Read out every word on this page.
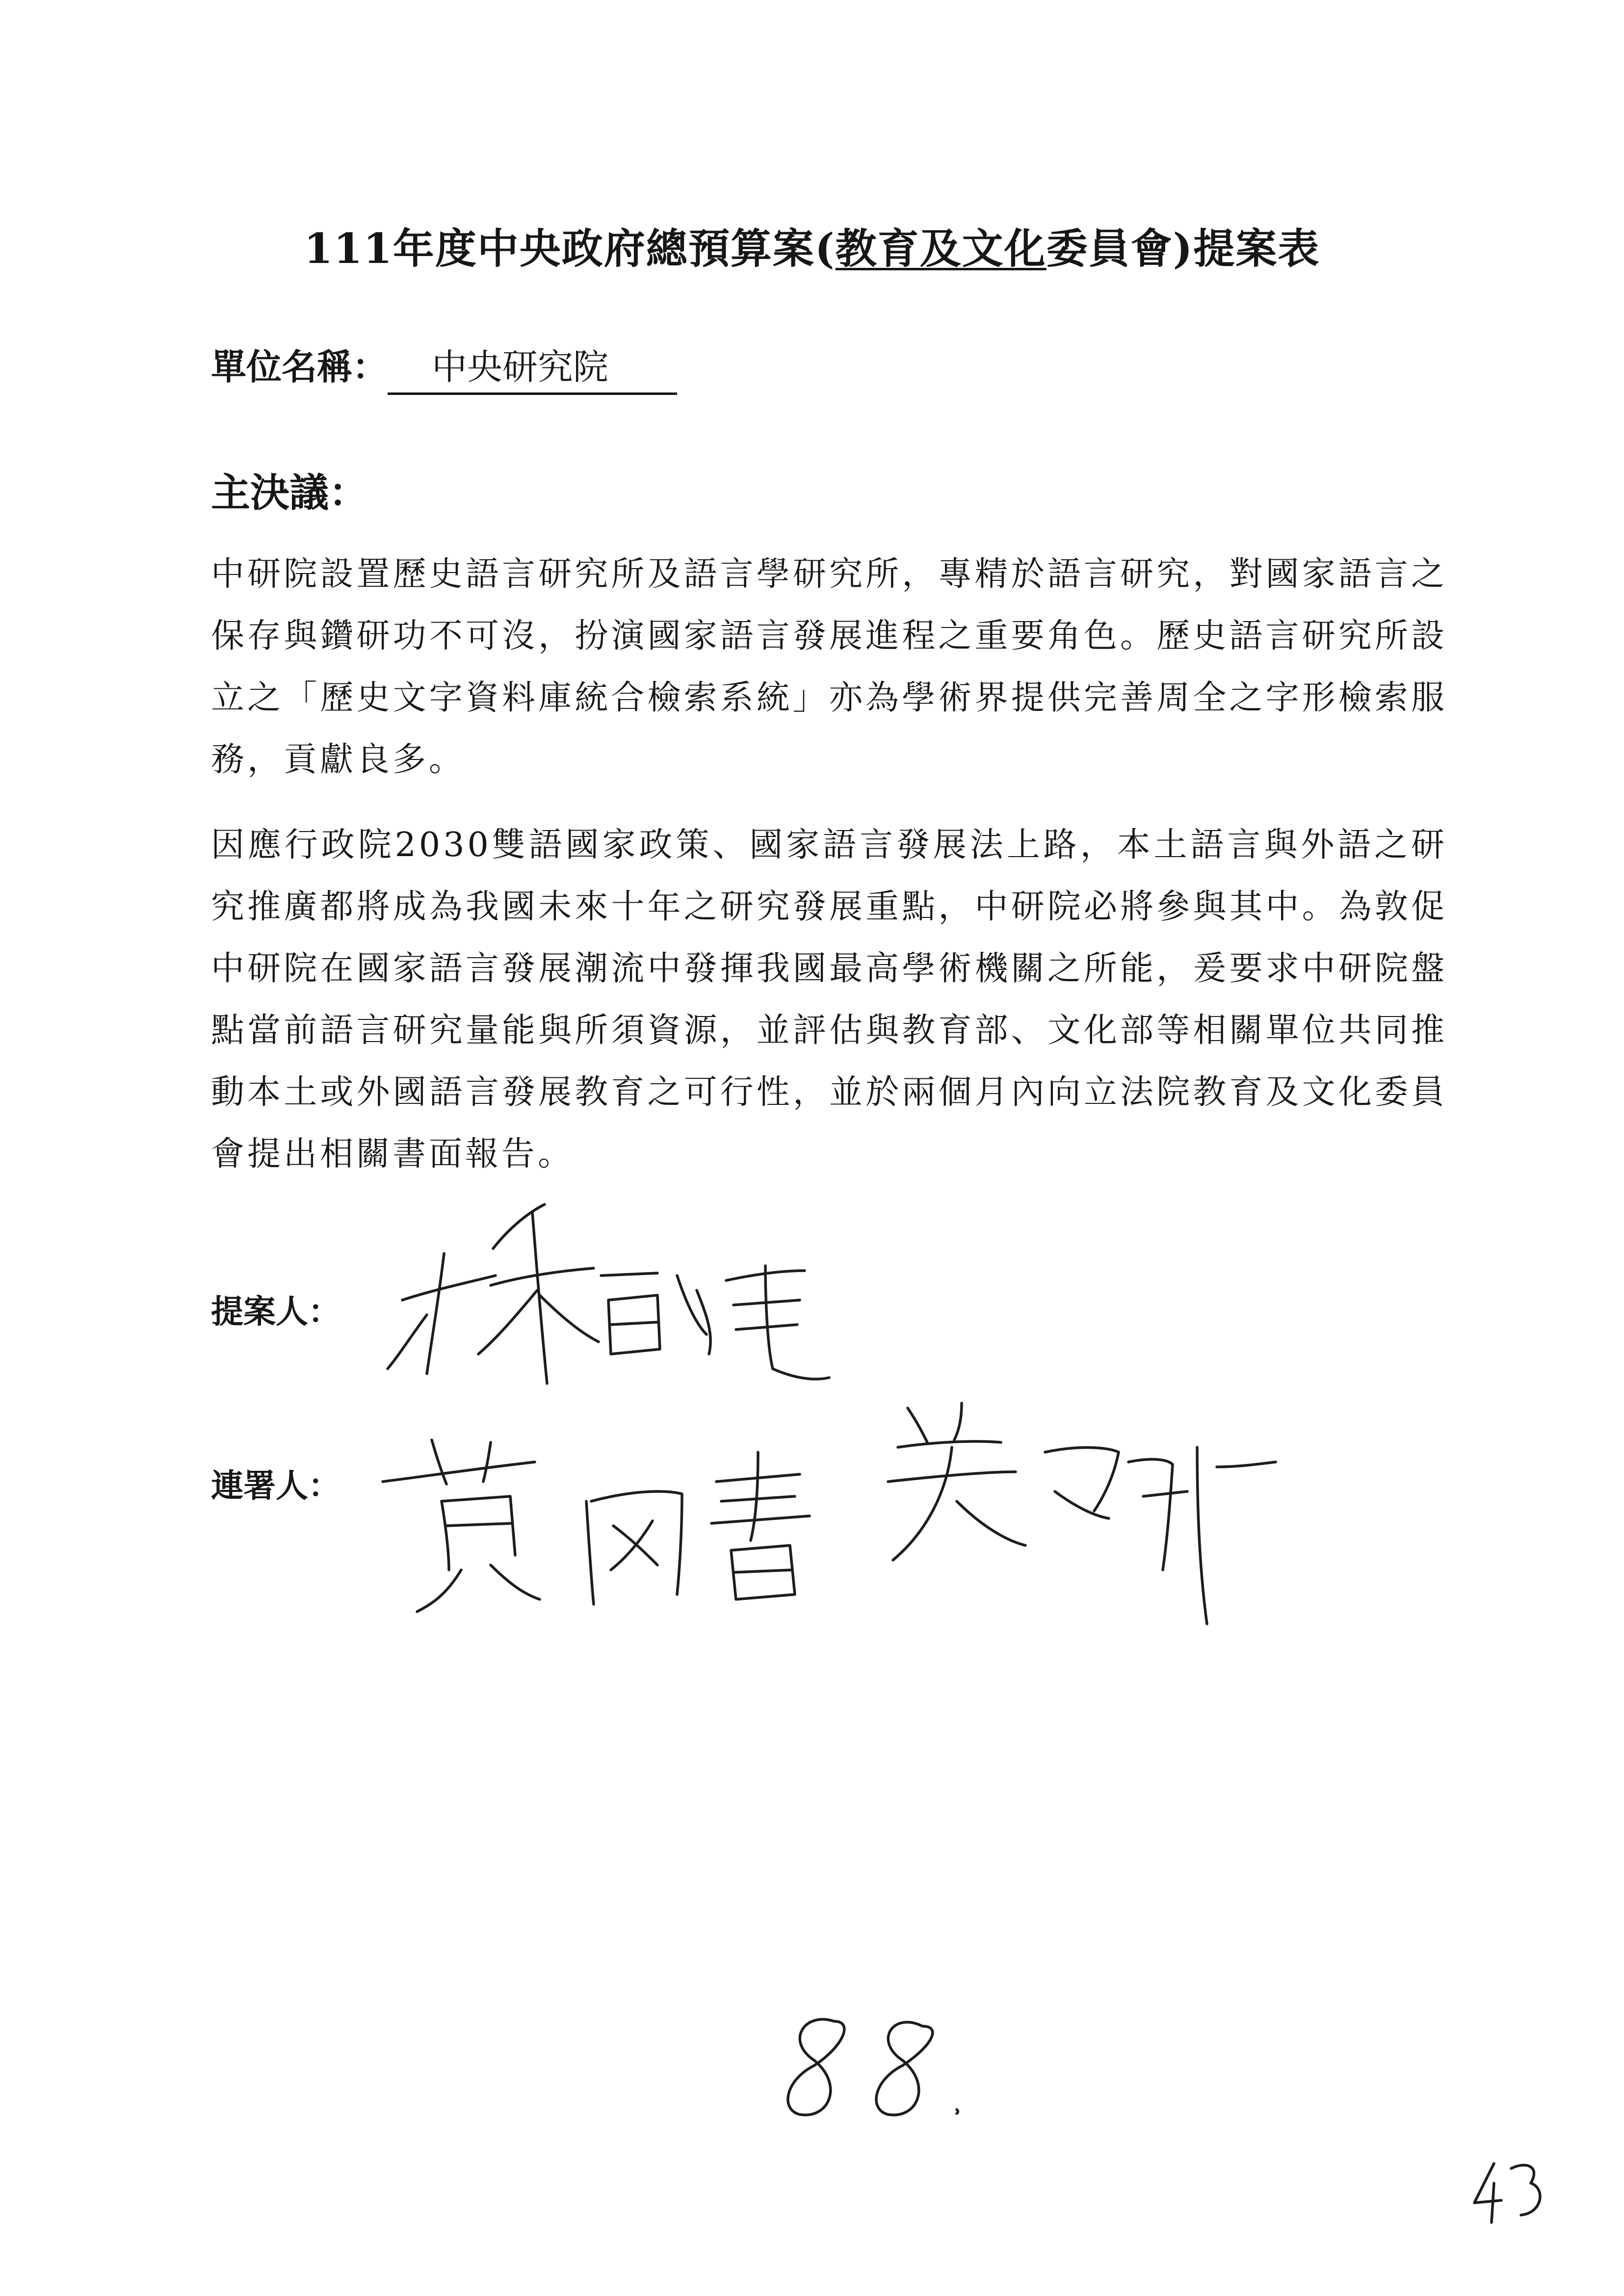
111年度中央政府總預算案(教育及文化委員會)提案表
單位名稱： 中央研究院
主決議：

中研院設置歷史語言研究所及語言學研究所，專精於語言研究，對國家語言之保存與鑽研功不可沒，扮演國家語言發展進程之重要角色。歷史語言研究所設立之「歷史文字資料庫統合檢索系統」亦為學術界提供完善周全之字形檢索服務，貢獻良多。

因應行政院2030雙語國家政策、國家語言發展法上路，本土語言與外語之研究推廣都將成為我國未來十年之研究發展重點，中研院必將參與其中。為敦促中研院在國家語言發展潮流中發揮我國最高學術機關之所能，爰要求中研院盤點當前語言研究量能與所須資源，並評估與教育部、文化部等相關單位共同推動本土或外國語言發展教育之可行性，並於兩個月內向立法院教育及文化委員會提出相關書面報告。

提案人：
連署人：
